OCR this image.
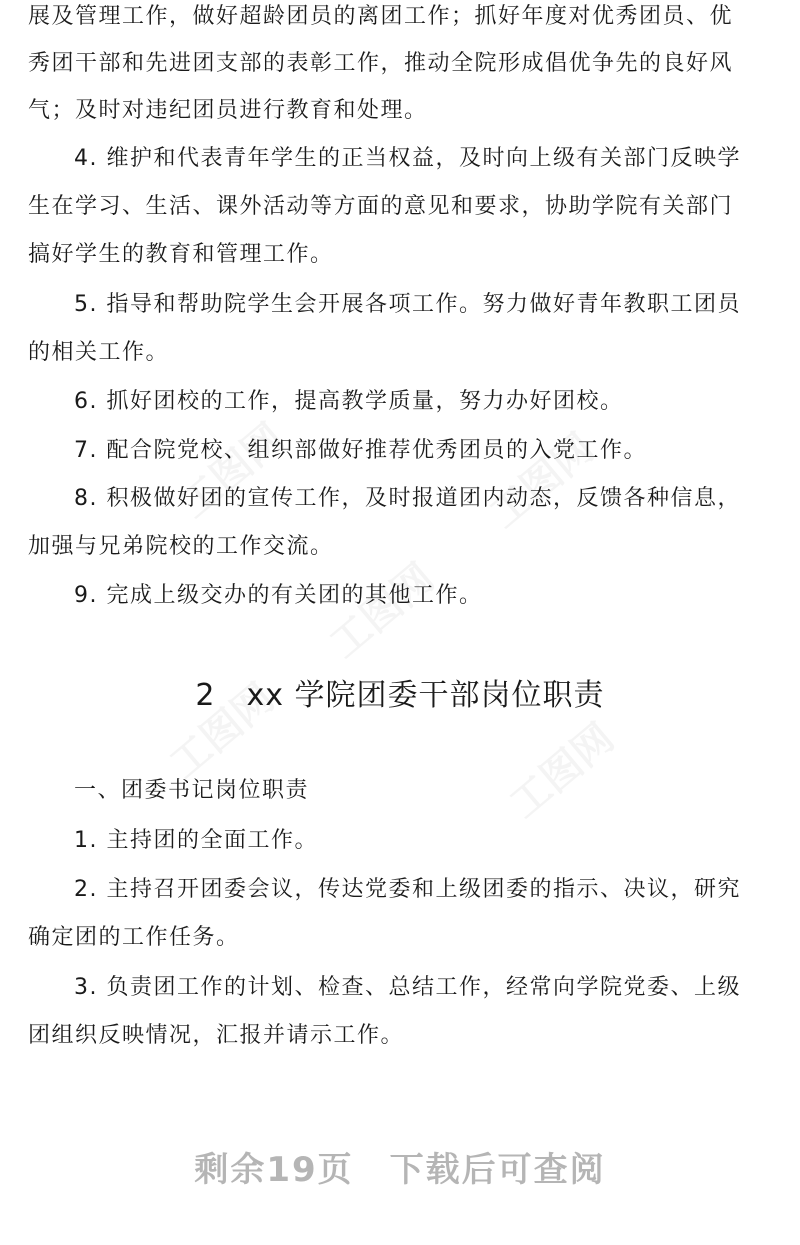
展及管理工作，做好超龄团员的离团工作；抓好年度对优秀团员、优
秀团干部和先进团支部的表彰工作，推动全院形成倡优争先的良好风
气；及时对违纪团员进行教育和处理。
4. 维护和代表青年学生的正当权益，及时向上级有关部门反映学
生在学习、生活、课外活动等方面的意见和要求，协助学院有关部门
搞好学生的教育和管理工作。
5. 指导和帮助院学生会开展各项工作。努力做好青年教职工团员
的相关工作。
6. 抓好团校的工作，提高教学质量，努力办好团校。
7. 配合院党校、组织部做好推荐优秀团员的入党工作。
8. 积极做好团的宣传工作，及时报道团内动态，反馈各种信息，
加强与兄弟院校的工作交流。
9. 完成上级交办的有关团的其他工作。
2　xx 学院团委干部岗位职责
一、团委书记岗位职责
1. 主持团的全面工作。
2. 主持召开团委会议，传达党委和上级团委的指示、决议，研究
确定团的工作任务。
3. 负责团工作的计划、检查、总结工作，经常向学院党委、上级
团组织反映情况，汇报并请示工作。
剩余19页　下载后可查阅
